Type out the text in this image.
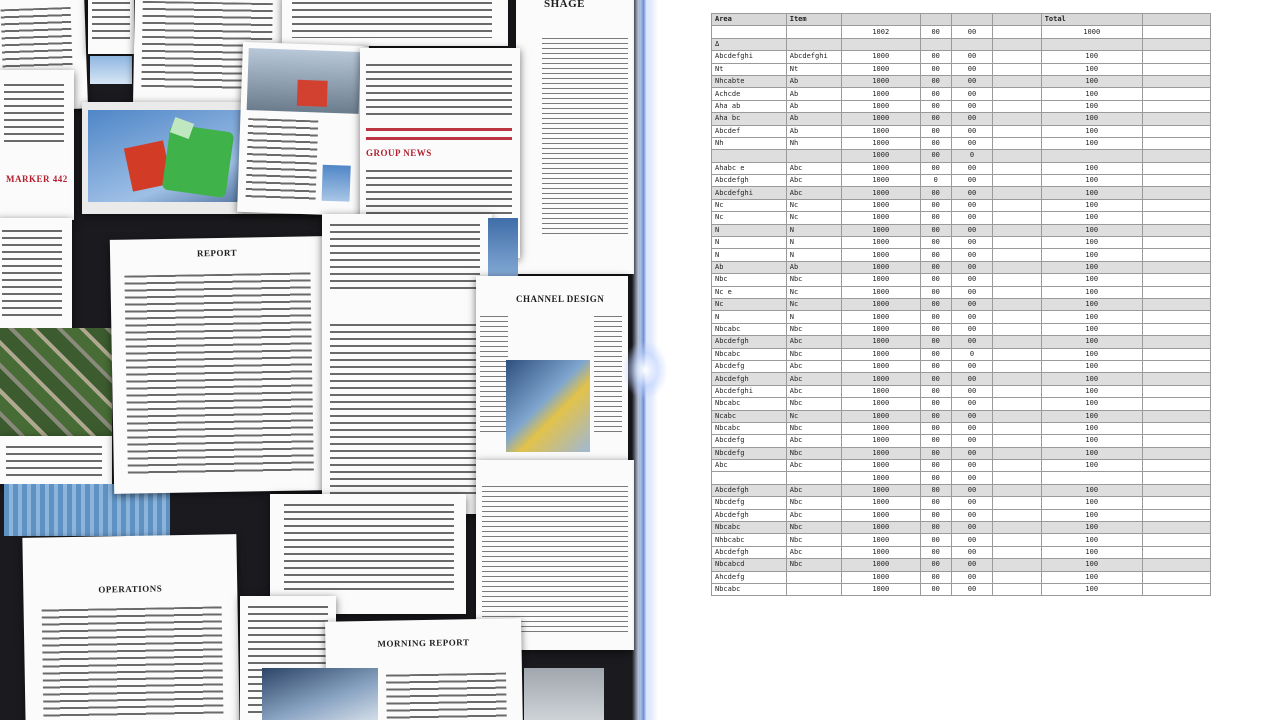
MARKER 442
SHAGE
GROUP NEWS
REPORT
CHANNEL DESIGN
OPERATIONS
MORNING REPORT
Area	Item					Total	
		1002	00	00		1000	
Δ							
Abcdefghi	Abcdefghi	1000	00	00		100	
Nt	Nt	1000	00	00		100	
Nhcabte	Ab	1000	00	00		100	
Achcde	Ab	1000	00	00		100	
Aha ab	Ab	1000	00	00		100	
Aha bc	Ab	1000	00	00		100	
Abcdef	Ab	1000	00	00		100	
Nh	Nh	1000	00	00		100	
		1000	00	0			
Ahabc e	Abc	1000	00	00		100	
Abcdefgh	Abc	1000	0	00		100	
Abcdefghi	Abc	1000	00	00		100	
Nc	Nc	1000	00	00		100	
Nc	Nc	1000	00	00		100	
N	N	1000	00	00		100	
N	N	1000	00	00		100	
N	N	1000	00	00		100	
Ab	Ab	1000	00	00		100	
Nbc	Nbc	1000	00	00		100	
Nc e	Nc	1000	00	00		100	
Nc	Nc	1000	00	00		100	
N	N	1000	00	00		100	
Nbcabc	Nbc	1000	00	00		100	
Abcdefgh	Abc	1000	00	00		100	
Nbcabc	Nbc	1000	00	0		100	
Abcdefg	Abc	1000	00	00		100	
Abcdefgh	Abc	1000	00	00		100	
Abcdefghi	Abc	1000	00	00		100	
Nbcabc	Nbc	1000	00	00		100	
Ncabc	Nc	1000	00	00		100	
Nbcabc	Nbc	1000	00	00		100	
Abcdefg	Abc	1000	00	00		100	
Nbcdefg	Nbc	1000	00	00		100	
Abc	Abc	1000	00	00		100	
		1000	00	00			
Abcdefgh	Abc	1000	00	00		100	
Nbcdefg	Nbc	1000	00	00		100	
Abcdefgh	Abc	1000	00	00		100	
Nbcabc	Nbc	1000	00	00		100	
Nhbcabc	Nbc	1000	00	00		100	
Abcdefgh	Abc	1000	00	00		100	
Nbcabcd	Nbc	1000	00	00		100	
Ahcdefg		1000	00	00		100	
Nbcabc		1000	00	00		100	
